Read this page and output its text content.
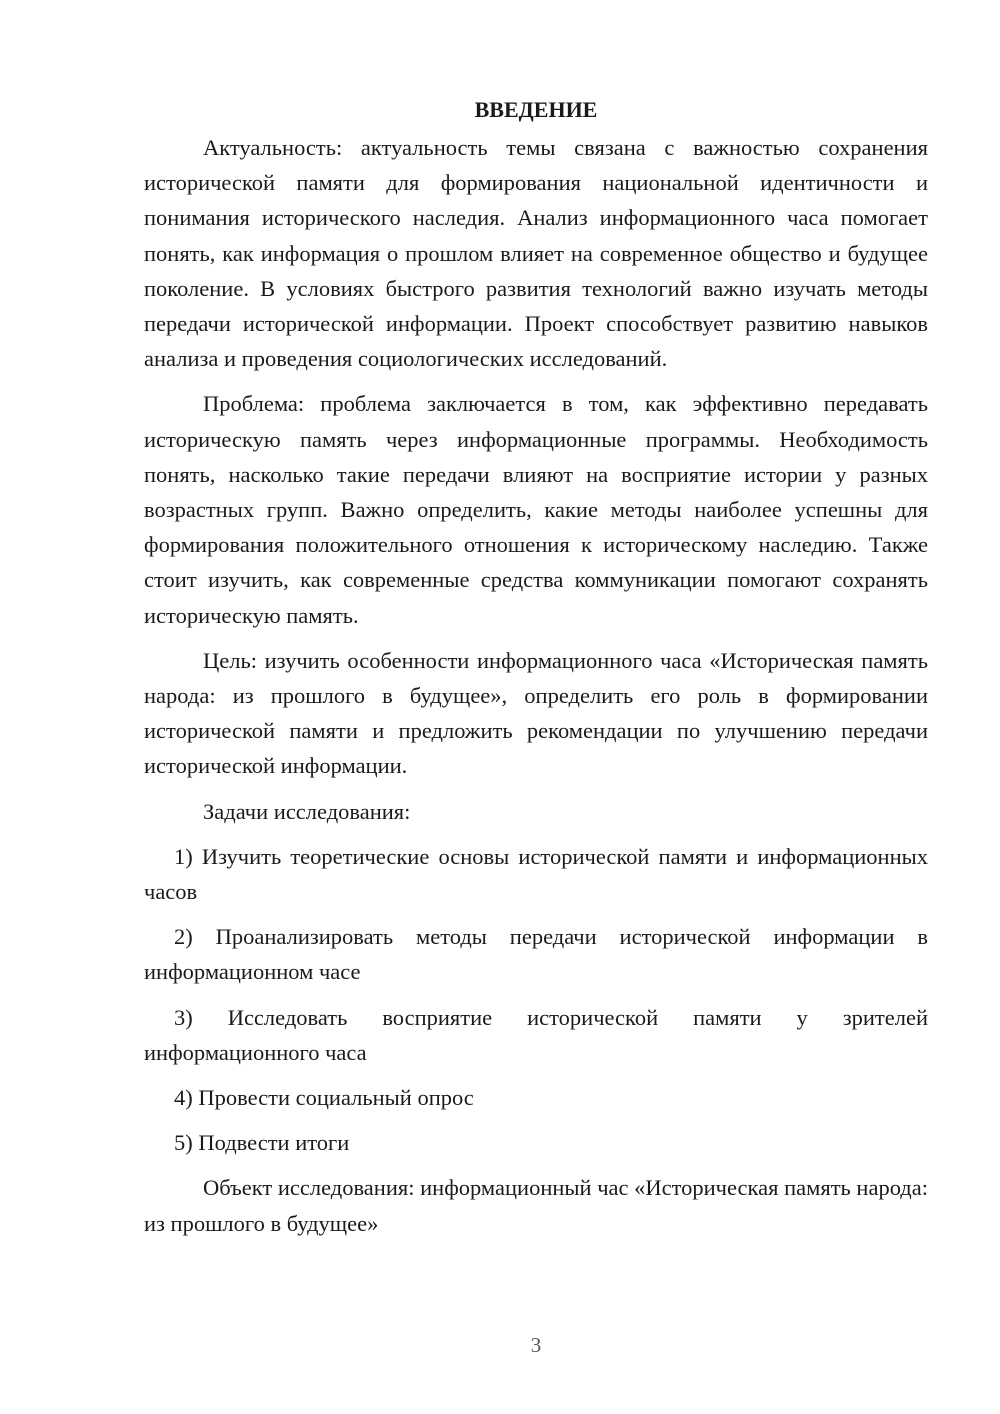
ВВЕДЕНИЕ

Актуальность: актуальность темы связана с важностью сохранения исторической памяти для формирования национальной идентичности и понимания исторического наследия. Анализ информационного часа помогает понять, как информация о прошлом влияет на современное общество и будущее поколение. В условиях быстрого развития технологий важно изучать методы передачи исторической информации. Проект способствует развитию навыков анализа и проведения социологических исследований.

Проблема: проблема заключается в том, как эффективно передавать историческую память через информационные программы. Необходимость понять, насколько такие передачи влияют на восприятие истории у разных возрастных групп. Важно определить, какие методы наиболее успешны для формирования положительного отношения к историческому наследию. Также стоит изучить, как современные средства коммуникации помогают сохранять историческую память.

Цель: изучить особенности информационного часа «Историческая память народа: из прошлого в будущее», определить его роль в формировании исторической памяти и предложить рекомендации по улучшению передачи исторической информации.

Задачи исследования:

1) Изучить теоретические основы исторической памяти и информационных часов

2) Проанализировать методы передачи исторической информации в информационном часе

3) Исследовать восприятие исторической памяти у зрителей информационного часа

4) Провести социальный опрос

5) Подвести итоги

Объект исследования: информационный час «Историческая память народа: из прошлого в будущее»

3
